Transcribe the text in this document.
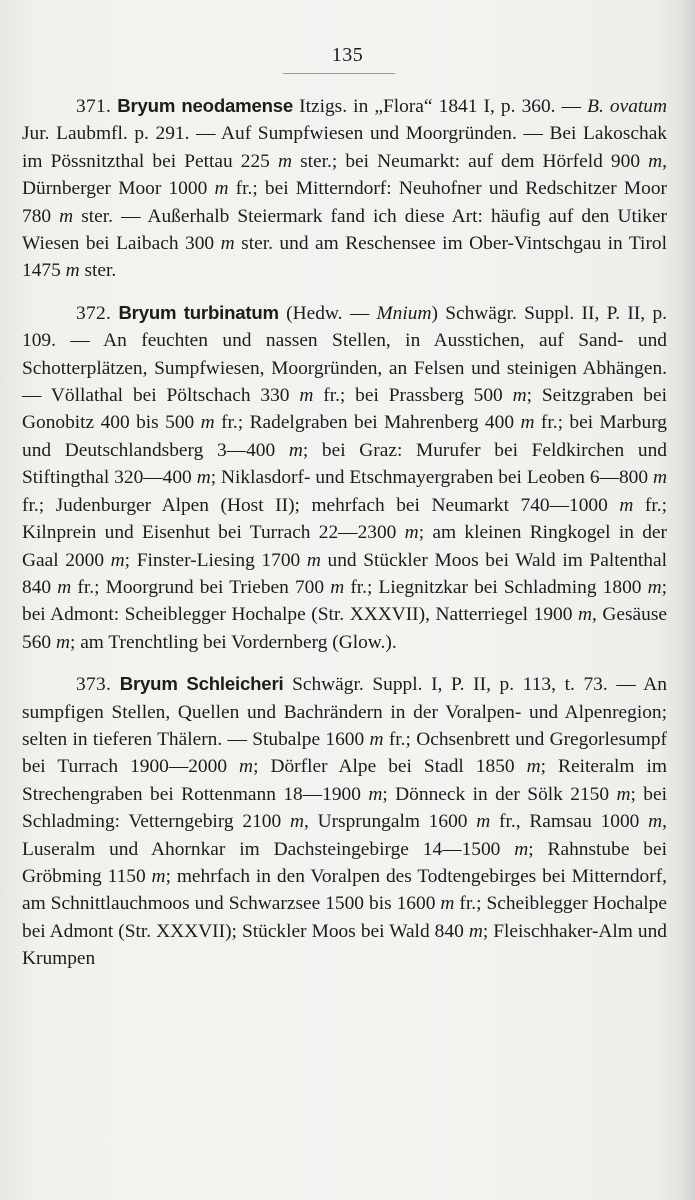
135

371. Bryum neodamense Itzigs. in „Flora“ 1841 I, p. 360. — B. ovatum Jur. Laubmfl. p. 291. — Auf Sumpfwiesen und Moorgründen. — Bei Lakoschak im Pössnitzthal bei Pettau 225 m ster.; bei Neumarkt: auf dem Hörfeld 900 m, Dürnberger Moor 1000 m fr.; bei Mitterndorf: Neuhofner und Redschitzer Moor 780 m ster. — Außerhalb Steiermark fand ich diese Art: häufig auf den Utiker Wiesen bei Laibach 300 m ster. und am Reschensee im Ober-Vintschgau in Tirol 1475 m ster.

372. Bryum turbinatum (Hedw. — Mnium) Schwägr. Suppl. II, P. II, p. 109. — An feuchten und nassen Stellen, in Ausstichen, auf Sand- und Schotterplätzen, Sumpfwiesen, Moorgründen, an Felsen und steinigen Abhängen. — Völlathal bei Pöltschach 330 m fr.; bei Prassberg 500 m; Seitzgraben bei Gonobitz 400 bis 500 m fr.; Radelgraben bei Mahrenberg 400 m fr.; bei Marburg und Deutschlandsberg 3—400 m; bei Graz: Murufer bei Feldkirchen und Stiftingthal 320—400 m; Niklasdorf- und Etschmayergraben bei Leoben 6—800 m fr.; Judenburger Alpen (Host II); mehrfach bei Neumarkt 740—1000 m fr.; Kilnprein und Eisenhut bei Turrach 22—2300 m; am kleinen Ringkogel in der Gaal 2000 m; Finster-Liesing 1700 m und Stückler Moos bei Wald im Paltenthal 840 m fr.; Moorgrund bei Trieben 700 m fr.; Liegnitzkar bei Schladming 1800 m; bei Admont: Scheiblegger Hochalpe (Str. XXXVII), Natterriegel 1900 m, Gesäuse 560 m; am Trenchtling bei Vordernberg (Glow.).

373. Bryum Schleicheri Schwägr. Suppl. I, P. II, p. 113, t. 73. — An sumpfigen Stellen, Quellen und Bachrändern in der Voralpen- und Alpenregion; selten in tieferen Thälern. — Stubalpe 1600 m fr.; Ochsenbrett und Gregorlesumpf bei Turrach 1900—2000 m; Dörfler Alpe bei Stadl 1850 m; Reiteralm im Strechengraben bei Rottenmann 18—1900 m; Dönneck in der Sölk 2150 m; bei Schladming: Vetterngebirg 2100 m, Ursprungalm 1600 m fr., Ramsau 1000 m, Luseralm und Ahornkar im Dachsteingebirge 14—1500 m; Rahnstube bei Gröbming 1150 m; mehrfach in den Voralpen des Todtengebirges bei Mitterndorf, am Schnittlauchmoos und Schwarzsee 1500 bis 1600 m fr.; Scheiblegger Hochalpe bei Admont (Str. XXXVII); Stückler Moos bei Wald 840 m; Fleischhaker-Alm und Krumpen
